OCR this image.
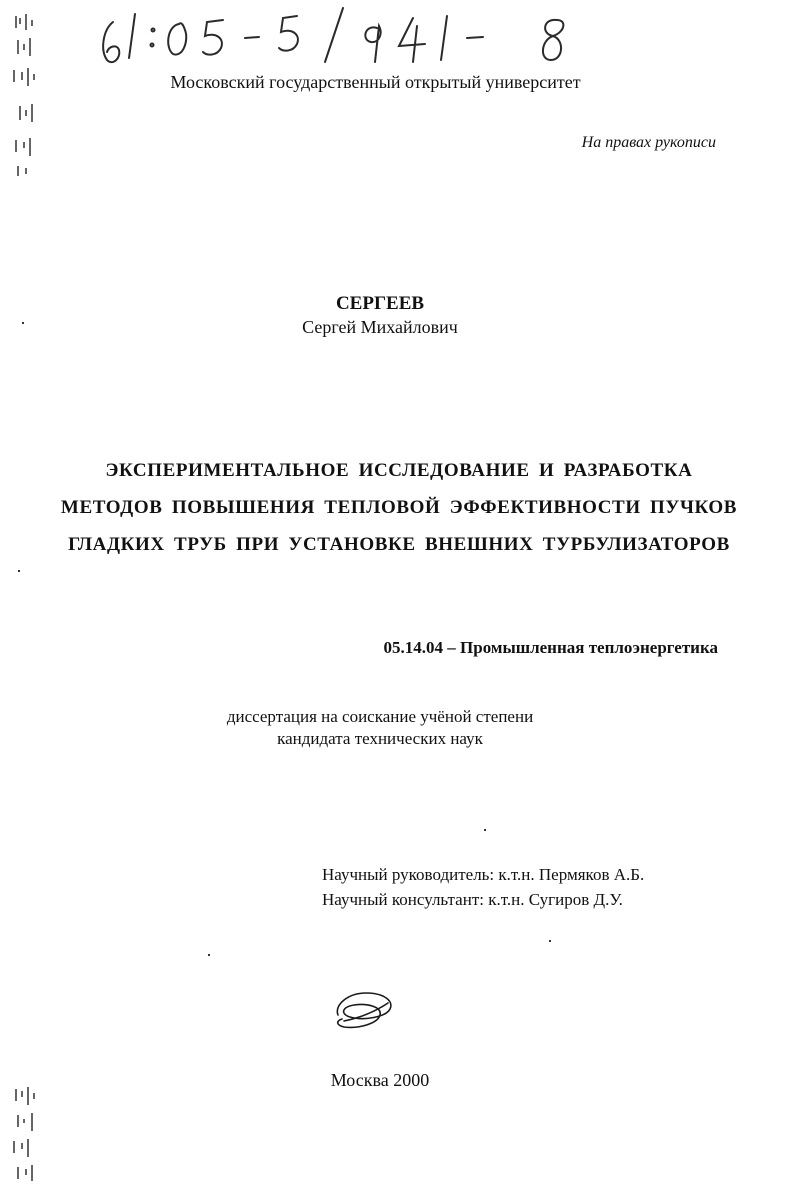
Московский государственный открытый университет
На правах рукописи
СЕРГЕЕВ
Сергей Михайлович
ЭКСПЕРИМЕНТАЛЬНОЕ ИССЛЕДОВАНИЕ И РАЗРАБОТКА
МЕТОДОВ ПОВЫШЕНИЯ ТЕПЛОВОЙ ЭФФЕКТИВНОСТИ ПУЧКОВ
ГЛАДКИХ ТРУБ ПРИ УСТАНОВКЕ ВНЕШНИХ ТУРБУЛИЗАТОРОВ
05.14.04 – Промышленная теплоэнергетика
диссертация на соискание учёной степени
кандидата технических наук
Научный руководитель: к.т.н. Пермяков А.Б.
Научный консультант: к.т.н. Сугиров Д.У.
Москва 2000
